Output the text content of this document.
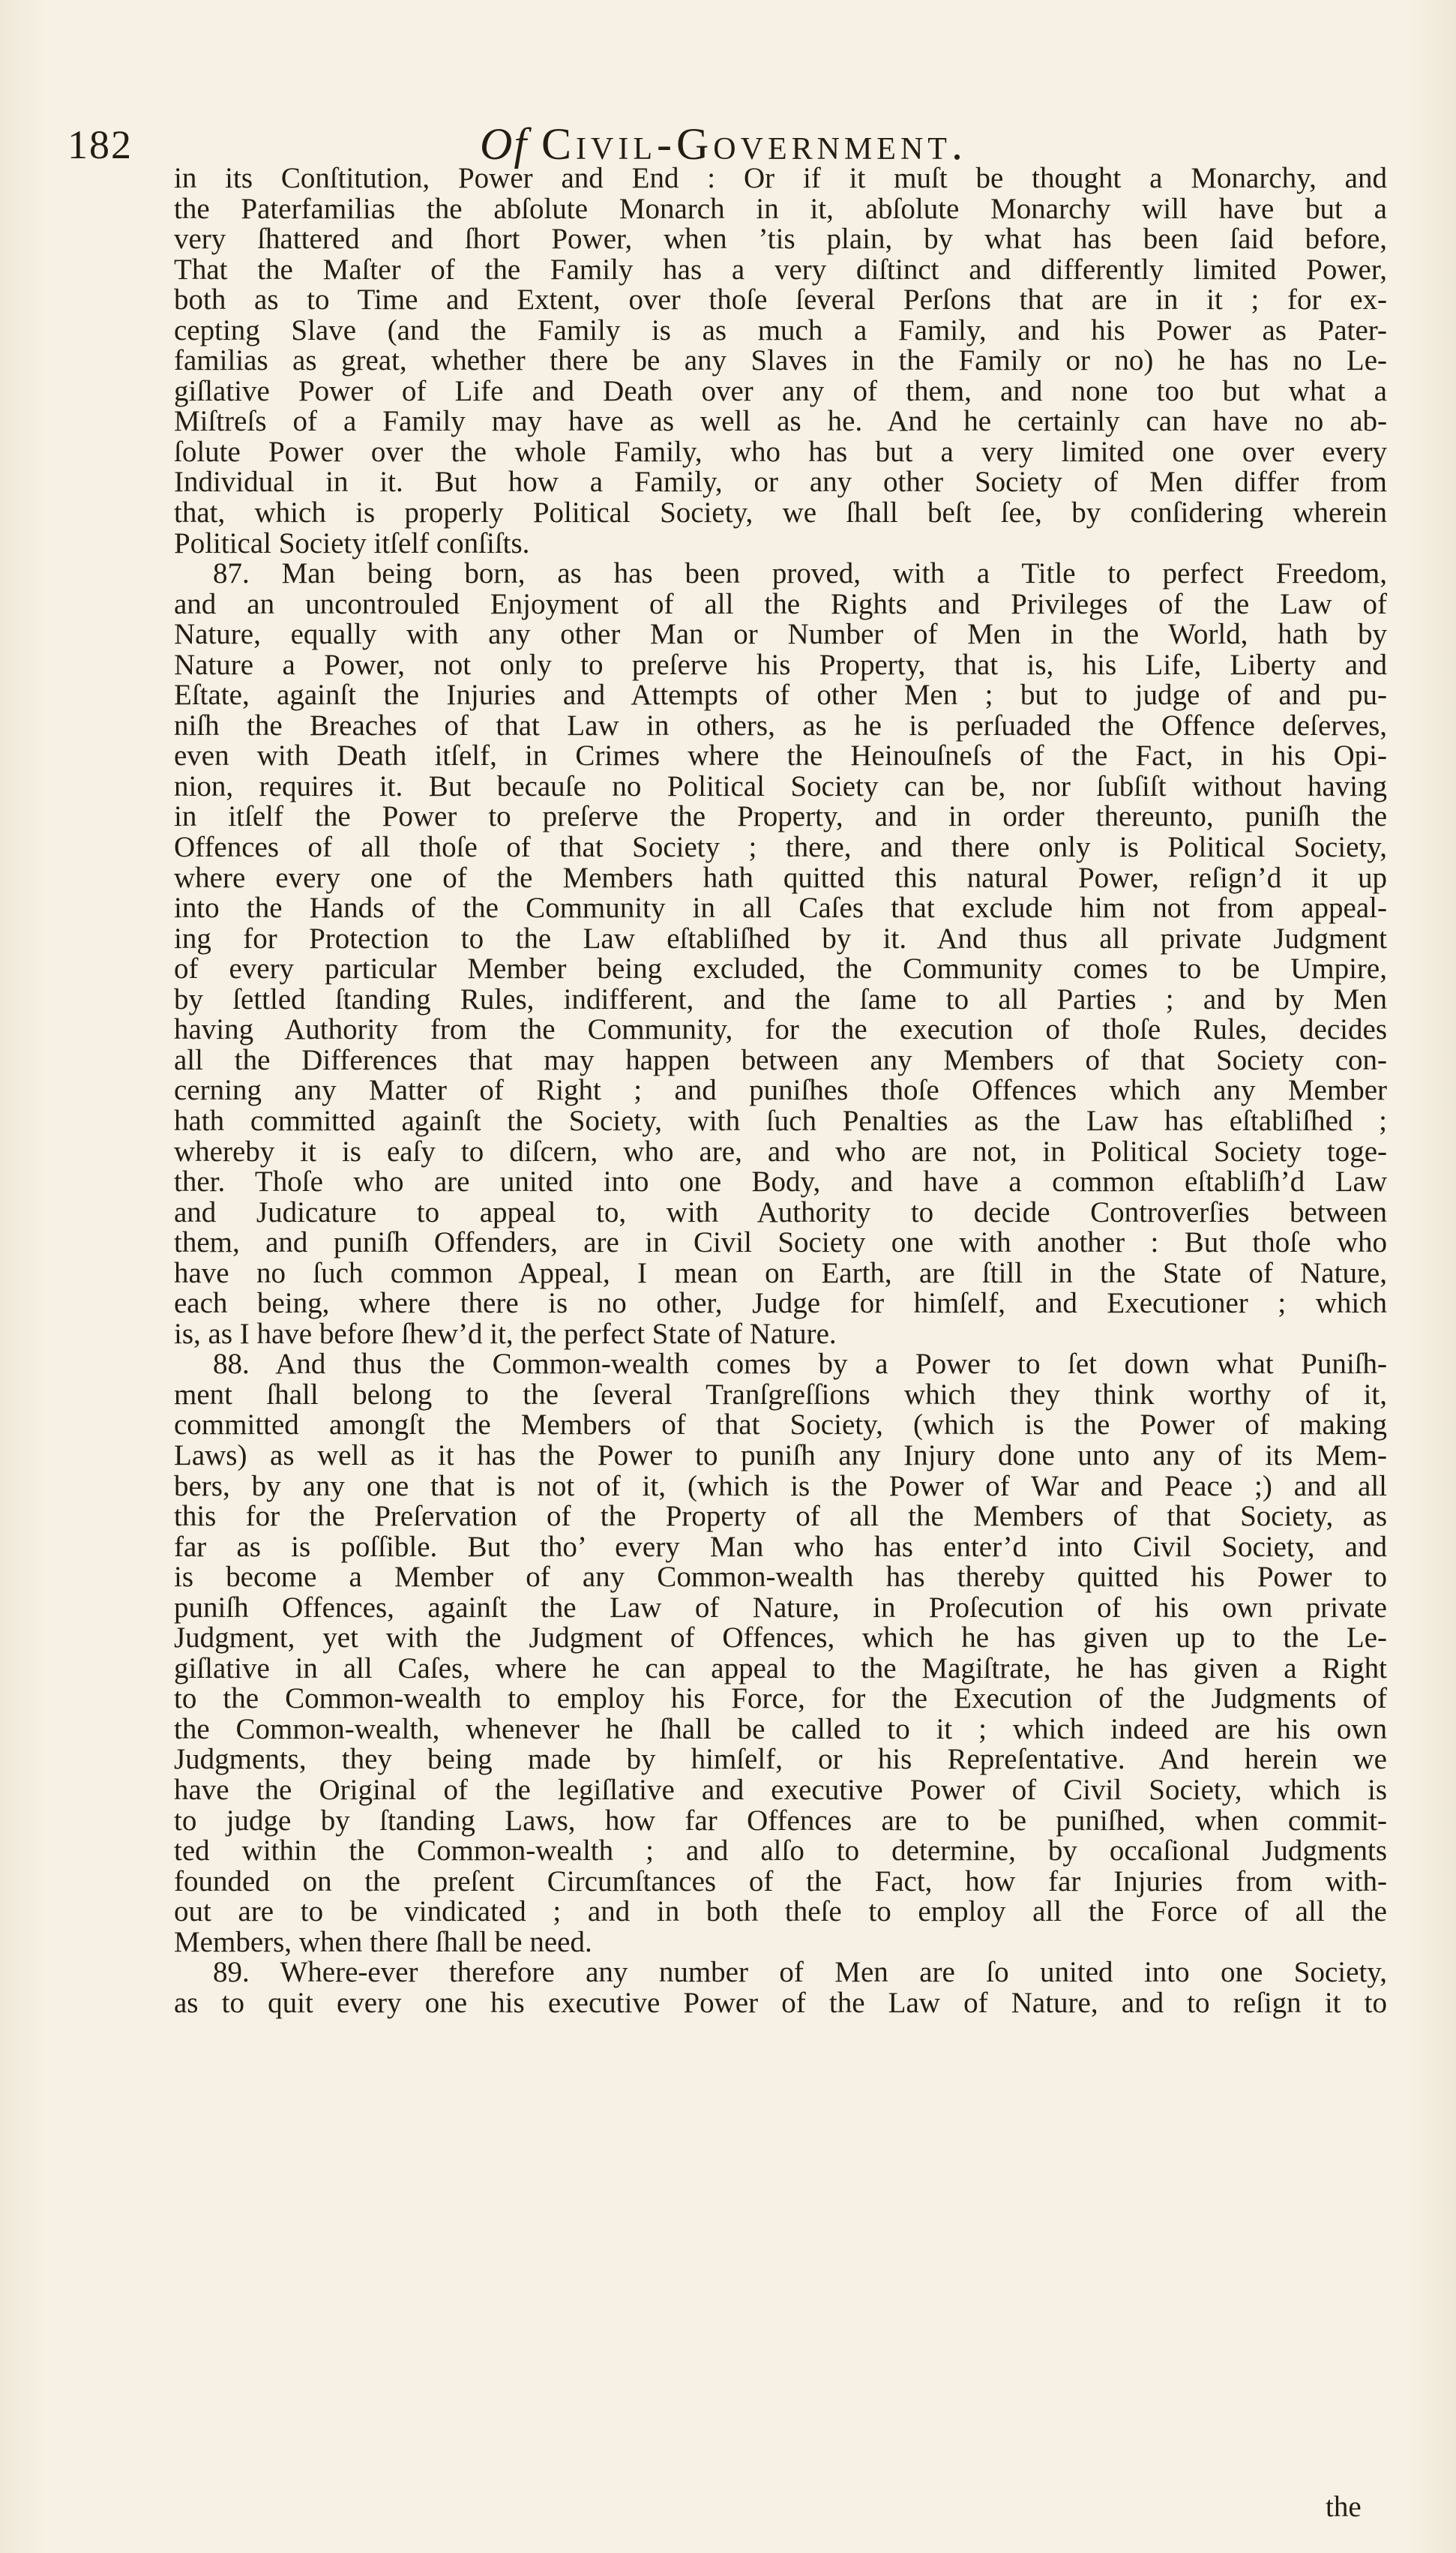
182	Of Civil-Government.
in its Conſtitution, Power and End : Or if it muſt be thought a Monarchy, and
the Paterfamilias the abſolute Monarch in it, abſolute Monarchy will have but a
very ſhattered and ſhort Power, when ’tis plain, by what has been ſaid before,
That the Maſter of the Family has a very diſtinct and differently limited Power,
both as to Time and Extent, over thoſe ſeveral Perſons that are in it ; for ex-
cepting Slave (and the Family is as much a Family, and his Power as Pater-
familias as great, whether there be any Slaves in the Family or no) he has no Le-
giſlative Power of Life and Death over any of them, and none too but what a
Miſtreſs of a Family may have as well as he. And he certainly can have no ab-
ſolute Power over the whole Family, who has but a very limited one over every
Individual in it. But how a Family, or any other Society of Men differ from
that, which is properly Political Society, we ſhall beſt ſee, by conſidering wherein
Political Society itſelf conſiſts.
87. Man being born, as has been proved, with a Title to perfect Freedom,
and an uncontrouled Enjoyment of all the Rights and Privileges of the Law of
Nature, equally with any other Man or Number of Men in the World, hath by
Nature a Power, not only to preſerve his Property, that is, his Life, Liberty and
Eſtate, againſt the Injuries and Attempts of other Men ; but to judge of and pu-
niſh the Breaches of that Law in others, as he is perſuaded the Offence deſerves,
even with Death itſelf, in Crimes where the Heinouſneſs of the Fact, in his Opi-
nion, requires it. But becauſe no Political Society can be, nor ſubſiſt without having
in itſelf the Power to preſerve the Property, and in order thereunto, puniſh the
Offences of all thoſe of that Society ; there, and there only is Political Society,
where every one of the Members hath quitted this natural Power, reſign’d it up
into the Hands of the Community in all Caſes that exclude him not from appeal-
ing for Protection to the Law eſtabliſhed by it. And thus all private Judgment
of every particular Member being excluded, the Community comes to be Umpire,
by ſettled ſtanding Rules, indifferent, and the ſame to all Parties ; and by Men
having Authority from the Community, for the execution of thoſe Rules, decides
all the Differences that may happen between any Members of that Society con-
cerning any Matter of Right ; and puniſhes thoſe Offences which any Member
hath committed againſt the Society, with ſuch Penalties as the Law has eſtabliſhed ;
whereby it is eaſy to diſcern, who are, and who are not, in Political Society toge-
ther. Thoſe who are united into one Body, and have a common eſtabliſh’d Law
and Judicature to appeal to, with Authority to decide Controverſies between
them, and puniſh Offenders, are in Civil Society one with another : But thoſe who
have no ſuch common Appeal, I mean on Earth, are ſtill in the State of Nature,
each being, where there is no other, Judge for himſelf, and Executioner ; which
is, as I have before ſhew’d it, the perfect State of Nature.
88. And thus the Common-wealth comes by a Power to ſet down what Puniſh-
ment ſhall belong to the ſeveral Tranſgreſſions which they think worthy of it,
committed amongſt the Members of that Society, (which is the Power of making
Laws) as well as it has the Power to puniſh any Injury done unto any of its Mem-
bers, by any one that is not of it, (which is the Power of War and Peace ;) and all
this for the Preſervation of the Property of all the Members of that Society, as
far as is poſſible. But tho’ every Man who has enter’d into Civil Society, and
is become a Member of any Common-wealth has thereby quitted his Power to
puniſh Offences, againſt the Law of Nature, in Proſecution of his own private
Judgment, yet with the Judgment of Offences, which he has given up to the Le-
giſlative in all Caſes, where he can appeal to the Magiſtrate, he has given a Right
to the Common-wealth to employ his Force, for the Execution of the Judgments of
the Common-wealth, whenever he ſhall be called to it ; which indeed are his own
Judgments, they being made by himſelf, or his Repreſentative. And herein we
have the Original of the legiſlative and executive Power of Civil Society, which is
to judge by ſtanding Laws, how far Offences are to be puniſhed, when commit-
ted within the Common-wealth ; and alſo to determine, by occaſional Judgments
founded on the preſent Circumſtances of the Fact, how far Injuries from with-
out are to be vindicated ; and in both theſe to employ all the Force of all the
Members, when there ſhall be need.
89. Where-ever therefore any number of Men are ſo united into one Society,
as to quit every one his executive Power of the Law of Nature, and to reſign it to
the
